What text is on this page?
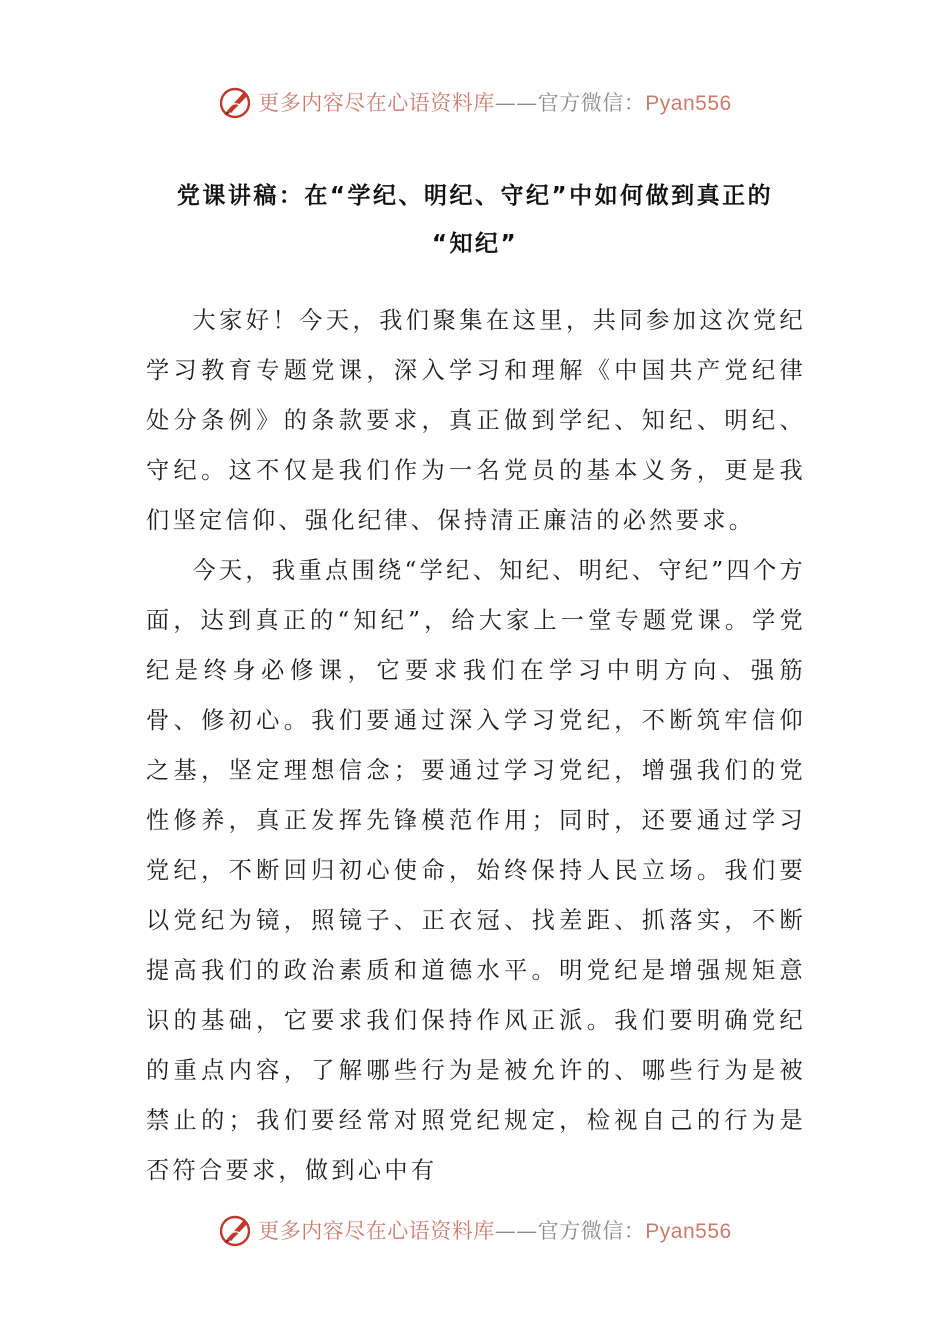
更多内容尽在心语资料库——官方微信：Pyan556
党课讲稿：在“学纪、明纪、守纪”中如何做到真正的
“知纪”

大家好！今天，我们聚集在这里，共同参加这次党纪学习教育专题党课，深入学习和理解《中国共产党纪律处分条例》的条款要求，真正做到学纪、知纪、明纪、守纪。这不仅是我们作为一名党员的基本义务，更是我们坚定信仰、强化纪律、保持清正廉洁的必然要求。

今天，我重点围绕“学纪、知纪、明纪、守纪”四个方面，达到真正的“知纪”，给大家上一堂专题党课。学党纪是终身必修课，它要求我们在学习中明方向、强筋骨、修初心。我们要通过深入学习党纪，不断筑牢信仰之基，坚定理想信念；要通过学习党纪，增强我们的党性修养，真正发挥先锋模范作用；同时，还要通过学习党纪，不断回归初心使命，始终保持人民立场。我们要以党纪为镜，照镜子、正衣冠、找差距、抓落实，不断提高我们的政治素质和道德水平。明党纪是增强规矩意识的基础，它要求我们保持作风正派。我们要明确党纪的重点内容，了解哪些行为是被允许的、哪些行为是被禁止的；我们要经常对照党纪规定，检视自己的行为是否符合要求，做到心中有

更多内容尽在心语资料库——官方微信：Pyan556
